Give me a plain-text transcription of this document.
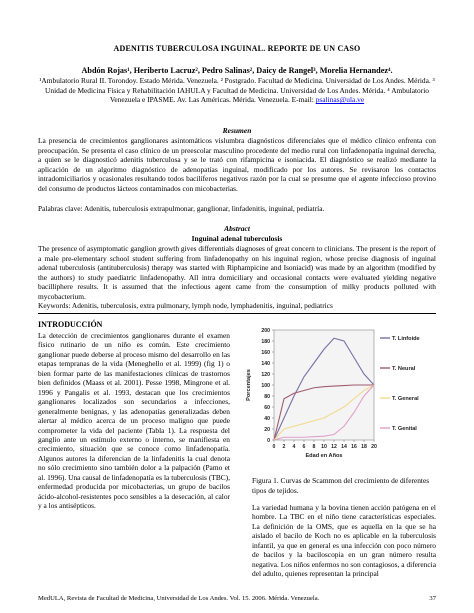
ADENITIS TUBERCULOSA INGUINAL. REPORTE DE UN CASO
Abdón Rojas¹, Heriberto Lacruz², Pedro Salinas², Daicy de Rangel³, Morelia Hernandez⁴.
¹Ambulatorio Rural II. Torondoy. Estado Mérida. Venezuela. ² Postgrado. Facultad de Medicina. Universidad de Los Andes. Mérida. ³ Unidad de Medicina Física y Rehabilitación IAHULA y Facultad de Medicina. Universidad de Los Andes. Mérida. ⁴ Ambulatorio Venezuela e IPASME. Av. Las Américas. Mérida. Venezuela. E-mail: psalinas@ula.ve
Resumen
La presencia de crecimientos ganglionares asintomáticos vislumbra diagnósticos diferenciales que el médico clínico enfrenta con preocupación. Se presenta el caso clínico de un preescolar masculino procedente del medio rural con linfadenopatía inguinal derecha, a quien se le diagnosticó adenitis tuberculosa y se le trató con rifampicina e isoniacida. El diagnóstico se realizó mediante la aplicación de un algoritmo diagnóstico de adenopatías inguinal, modificado por los autores. Se revisaron los contactos intradomiciliarios y ocasionales resultando todos bacilíferos negativos razón por la cual se presume que el agente infeccioso provino del consumo de productos lácteos contaminados con micobacterias.
Palabras clave: Adenitis, tuberculosis extrapulmonar, ganglionar, linfadenitis, inguinal, pediatría.
Abstract
Inguinal adenal tuberculosis
The presence of asymptomatic ganglion growth gives differentials diagnoses of great concern to clinicians. The present is the report of a male pre-elementary school student suffering from linfadenopathy on his inguinal region, whose precise diagnosis of inguinal adenal tuberculosis (antituberculosis) therapy was started with Riphampicine and Isoniacid) was made by an algorithm (modified by the authors) to study paediatric linfadenopathy. All intra domiciliary and occasional contacts were evaluated yielding negative bacilliphere results. It is assumed that the infectious agent came from the consumption of milky products polluted with mycobacterium.
Keywords: Adenitis, tuberculosis, extra pulmonary, lymph node, lymphadenitis, inguinal, pediatrics
INTRODUCCIÓN
La detección de crecimientos ganglionares durante el examen físico rutinario de un niño es común. Este crecimiento ganglionar puede deberse al proceso mismo del desarrollo en las etapas tempranas de la vida (Meneghello et al. 1999) (fig 1) o bien formar parte de las manifestaciones clínicas de trastornos bien definidos (Maass et al. 2001). Pesse 1998, Mingrone et al. 1996 y Pangalis et al. 1993, destacan que los crecimientos ganglionares localizados son secundarios a infecciones, generalmente benignas, y las adenopatías generalizadas deben alertar al médico acerca de un proceso maligno que puede comprometer la vida del paciente (Tabla 1). La respuesta del ganglio ante un estímulo externo o interno, se manifiesta en crecimiento, situación que se conoce como linfadenopatía. Algunos autores la diferencian de la linfadenitis la cual denota no sólo crecimiento sino también dolor a la palpación (Pamo et al. 1996). Una causal de linfadenopatía es la tuberculosis (TBC), enfermedad producida por micobacterias, un grupo de bacilos ácido-alcohol-resistentes poco sensibles a la desecación, al calor y a los antisépticos.
0
20
40
60
80
100
120
140
160
180
200
0 2 4 6 8 10 12 14 16 18 20
Edad en Años
Porcentajes
T. Linfoide
T. Neural
T. General
T. Genital
Figura 1. Curvas de Scammon del crecimiento de diferentes tipos de tejidos.
La variedad humana y la bovina tienen acción patógena en el hombre. La TBC en el niño tiene características especiales. La definición de la OMS, que es aquella en la que se ha aislado el bacilo de Koch no es aplicable en la tuberculosis infantil, ya que en general es una infección con poco número de bacilos y la baciloscopia en un gran número resulta negativa. Los niños enfermos no son contagiosos, a diferencia del adulto, quienes representan la principal
MedULA, Revista de Facultad de Medicina, Universidad de Los Andes. Vol. 15. 2006. Mérida. Venezuela.	37
